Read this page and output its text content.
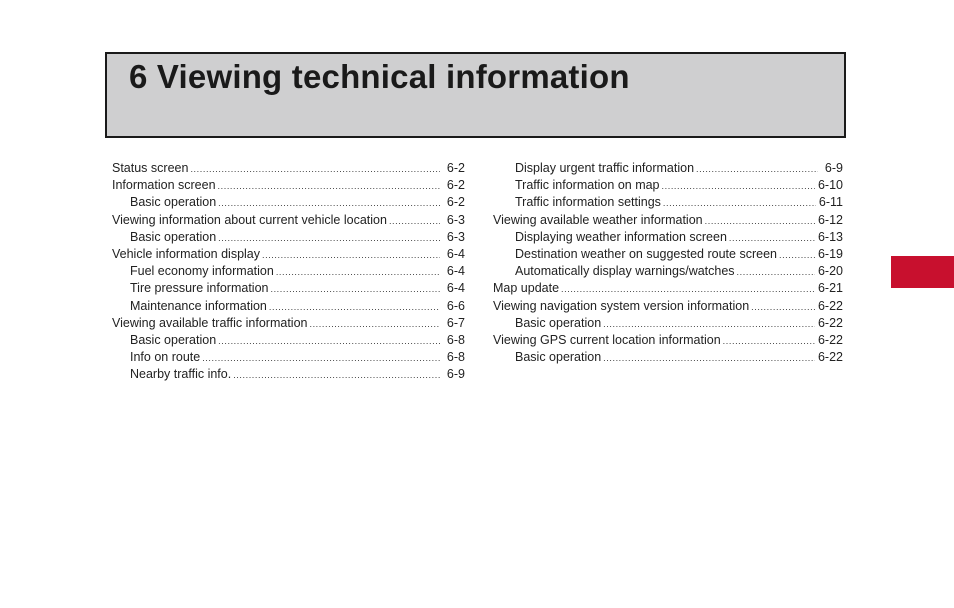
6 Viewing technical information
Status screen .....	6-2
Information screen .....	6-2
Basic operation .....	6-2
Viewing information about current vehicle location .....	6-3
Basic operation .....	6-3
Vehicle information display .....	6-4
Fuel economy information .....	6-4
Tire pressure information .....	6-4
Maintenance information .....	6-6
Viewing available traffic information .....	6-7
Basic operation .....	6-8
Info on route .....	6-8
Nearby traffic info. .....	6-9
Display urgent traffic information .....	6-9
Traffic information on map .....	6-10
Traffic information settings .....	6-11
Viewing available weather information .....	6-12
Displaying weather information screen .....	6-13
Destination weather on suggested route screen .....	6-19
Automatically display warnings/watches .....	6-20
Map update .....	6-21
Viewing navigation system version information .....	6-22
Basic operation .....	6-22
Viewing GPS current location information .....	6-22
Basic operation .....	6-22
